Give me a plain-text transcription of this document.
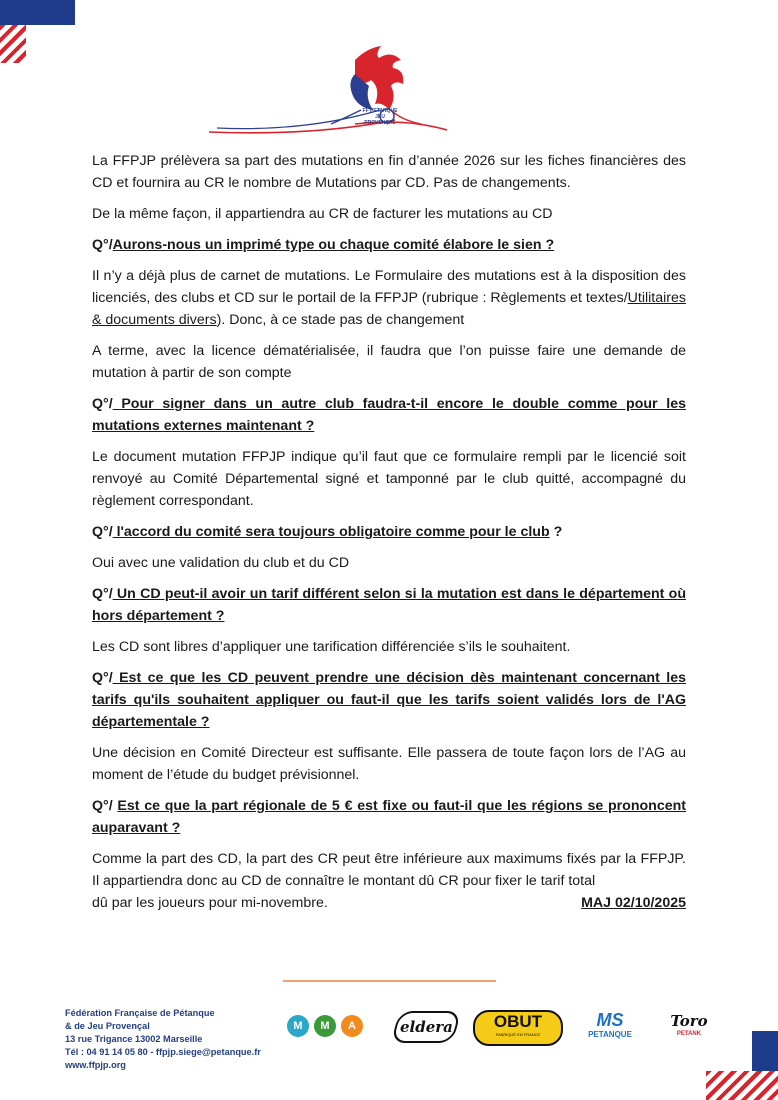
FF PETANQUE
JEU PROVENÇAL

La FFPJP prélèvera sa part des mutations en fin d’année 2026 sur les fiches financières des CD et fournira au CR le nombre de Mutations par CD. Pas de changements.

De la même façon, il appartiendra au CR de facturer les mutations au CD

Q°/Aurons-nous un imprimé type ou chaque comité élabore le sien ?

Il n’y a déjà plus de carnet de mutations. Le Formulaire des mutations est à la disposition des licenciés, des clubs et CD sur le portail de la FFPJP (rubrique : Règlements et textes/Utilitaires & documents divers). Donc, à ce stade pas de changement

A terme, avec la licence dématérialisée, il faudra que l’on puisse faire une demande de mutation à partir de son compte

Q°/ Pour signer dans un autre club faudra-t-il encore le double comme pour les mutations externes maintenant ?

Le document mutation FFPJP indique qu’il faut que ce formulaire rempli par le licencié soit renvoyé au Comité Départemental signé et tamponné par le club quitté, accompagné du règlement correspondant.

Q°/ l'accord du comité sera toujours obligatoire comme pour le club ?

Oui avec une validation du club et du CD

Q°/ Un CD peut-il avoir un tarif différent selon si la mutation est dans le département où hors département ?

Les CD sont libres d’appliquer une tarification différenciée s’ils le souhaitent.

Q°/ Est ce que les CD peuvent prendre une décision dès maintenant concernant les tarifs qu'ils souhaitent appliquer ou faut-il que les tarifs soient validés lors de l'AG départementale ?

Une décision en Comité Directeur est suffisante. Elle passera de toute façon lors de l’AG au moment de l’étude du budget prévisionnel.

Q°/ Est ce que la part régionale de 5 € est fixe ou faut-il que les régions se prononcent auparavant ?

Comme la part des CD, la part des CR peut être inférieure aux maximums fixés par la FFPJP. Il appartiendra donc au CD de connaître le montant dû CR pour fixer le tarif total

dû par les joueurs pour mi-novembre.	MAJ 02/10/2025
Fédération Française de Pétanque
& de Jeu Provençal
13 rue Trigance 13002 Marseille
Tél : 04 91 14 05 80 - ffpjp.siege@petanque.fr
www.ffpjp.org
M	M	A	eldera	OBUT
FABRIQUÉ EN FRANCE
MS
PETANQUE
Toro
PETANK
